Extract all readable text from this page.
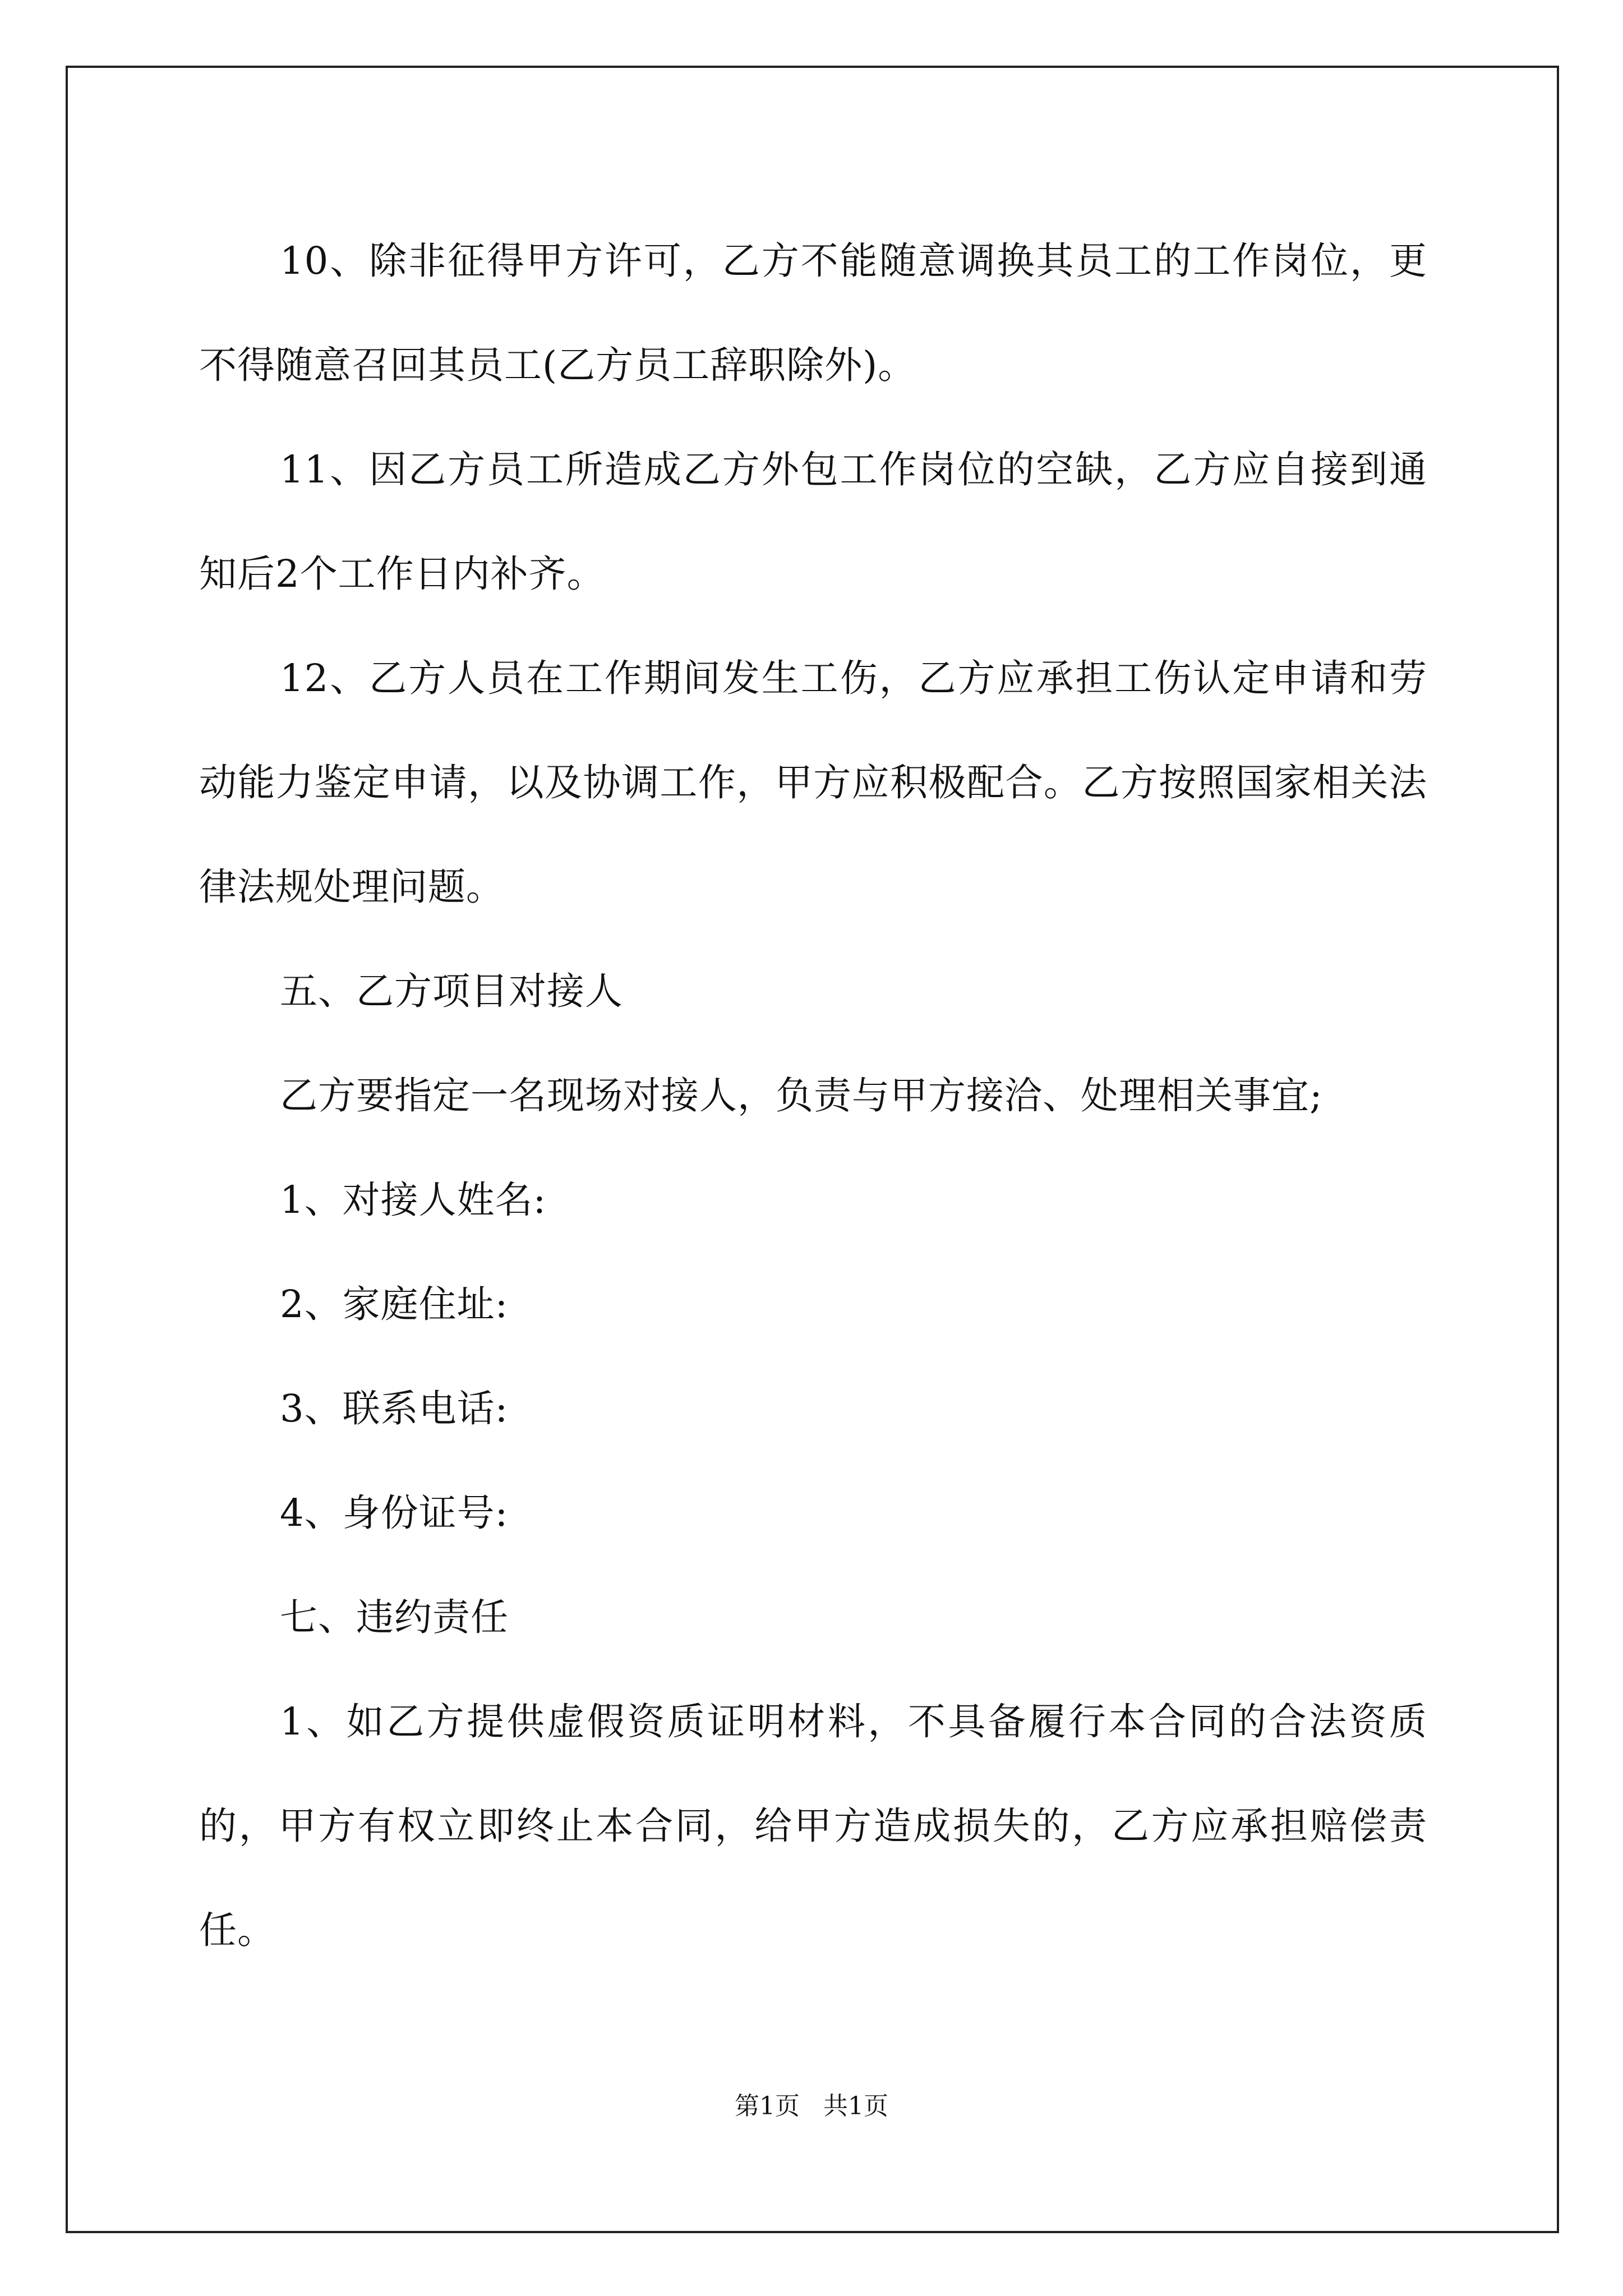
10、除非征得甲方许可，乙方不能随意调换其员工的工作岗位，更不得随意召回其员工(乙方员工辞职除外)。

11、因乙方员工所造成乙方外包工作岗位的空缺，乙方应自接到通知后2个工作日内补齐。

12、乙方人员在工作期间发生工伤，乙方应承担工伤认定申请和劳动能力鉴定申请，以及协调工作，甲方应积极配合。乙方按照国家相关法律法规处理问题。

五、乙方项目对接人

乙方要指定一名现场对接人，负责与甲方接洽、处理相关事宜;

1、对接人姓名:

2、家庭住址:

3、联系电话:

4、身份证号:

七、违约责任

1、如乙方提供虚假资质证明材料，不具备履行本合同的合法资质的，甲方有权立即终止本合同，给甲方造成损失的，乙方应承担赔偿责任。

第1页 共1页
